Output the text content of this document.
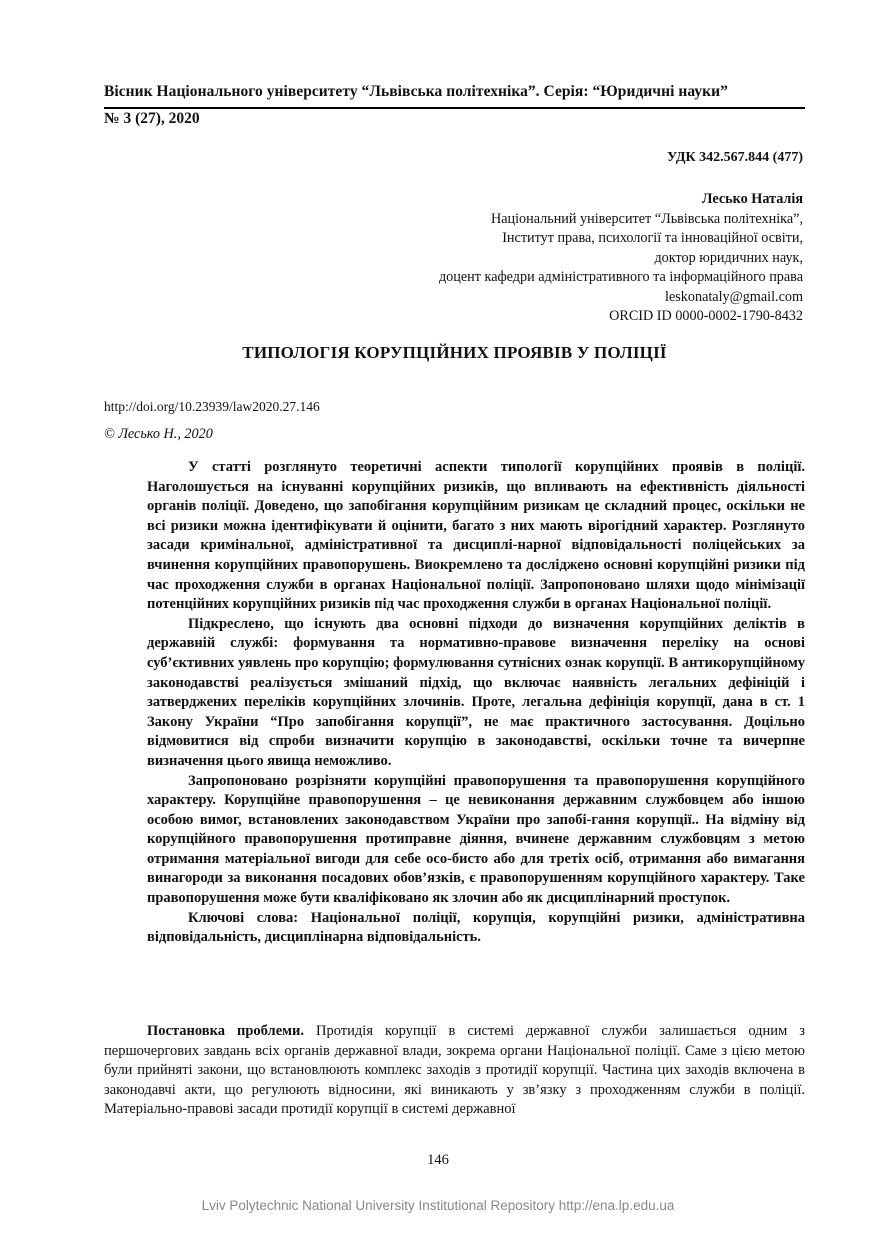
Вісник Національного університету “Львівська політехніка”. Серія: “Юридичні науки”
№ 3 (27), 2020
УДК 342.567.844 (477)
Лесько Наталія
Національний університет “Львівська політехніка”,
Інститут права, психології та інноваційної освіти,
доктор юридичних наук,
доцент кафедри адміністративного та інформаційного права
leskonataly@gmail.com
ORCID ID 0000-0002-1790-8432
ТИПОЛОГІЯ КОРУПЦІЙНИХ ПРОЯВІВ У ПОЛІЦІЇ
http://doi.org/10.23939/law2020.27.146
© Лесько Н., 2020

У статті розглянуто теоретичні аспекти типології корупційних проявів в поліції. Наголошується на існуванні корупційних ризиків, що впливають на ефективність діяльності органів поліції. Доведено, що запобігання корупційним ризикам це складний процес, оскільки не всі ризики можна ідентифікувати й оцінити, багато з них мають вірогідний характер. Розглянуто засади кримінальної, адміністративної та дисциплі-нарної відповідальності поліцейських за вчинення корупційних правопорушень. Виокремлено та досліджено основні корупційні ризики під час проходження служби в органах Національної поліції. Запропоновано шляхи щодо мінімізації потенційних корупційних ризиків під час проходження служби в органах Національної поліції.

Підкреслено, що існують два основні підходи до визначення корупційних деліктів в державній службі: формування та нормативно-правове визначення переліку на основі суб’єктивних уявлень про корупцію; формулювання сутнісних ознак корупції. В антикорупційному законодавстві реалізується змішаний підхід, що включає наявність легальних дефініцій і затверджених переліків корупційних злочинів. Проте, легальна дефініція корупції, дана в ст. 1 Закону України “Про запобігання корупції”, не має практичного застосування. Доцільно відмовитися від спроби визначити корупцію в законодавстві, оскільки точне та вичерпне визначення цього явища неможливо.

Запропоновано розрізняти корупційні правопорушення та правопорушення корупційного характеру. Корупційне правопорушення – це невиконання державним службовцем або іншою особою вимог, встановлених законодавством України про запобі-гання корупції.. На відміну від корупційного правопорушення протиправне діяння, вчинене державним службовцям з метою отримання матеріальної вигоди для себе осо-бисто або для третіх осіб, отримання або вимагання винагороди за виконання посадових обов’язків, є правопорушенням корупційного характеру. Таке правопорушення може бути кваліфіковано як злочин або як дисциплінарний проступок.

Ключові слова: Національної поліції, корупція, корупційні ризики, адміністративна відповідальність, дисциплінарна відповідальність.

Постановка проблеми. Протидія корупції в системі державної служби залишається одним з першочергових завдань всіх органів державної влади, зокрема органи Національної поліції. Саме з цією метою були прийняті закони, що встановлюють комплекс заходів з протидії корупції. Частина цих заходів включена в законодавчі акти, що регулюють відносини, які виникають у зв’язку з проходженням служби в поліції. Матеріально-правові засади протидії корупції в системі державної

146
Lviv Polytechnic National University Institutional Repository http://ena.lp.edu.ua
